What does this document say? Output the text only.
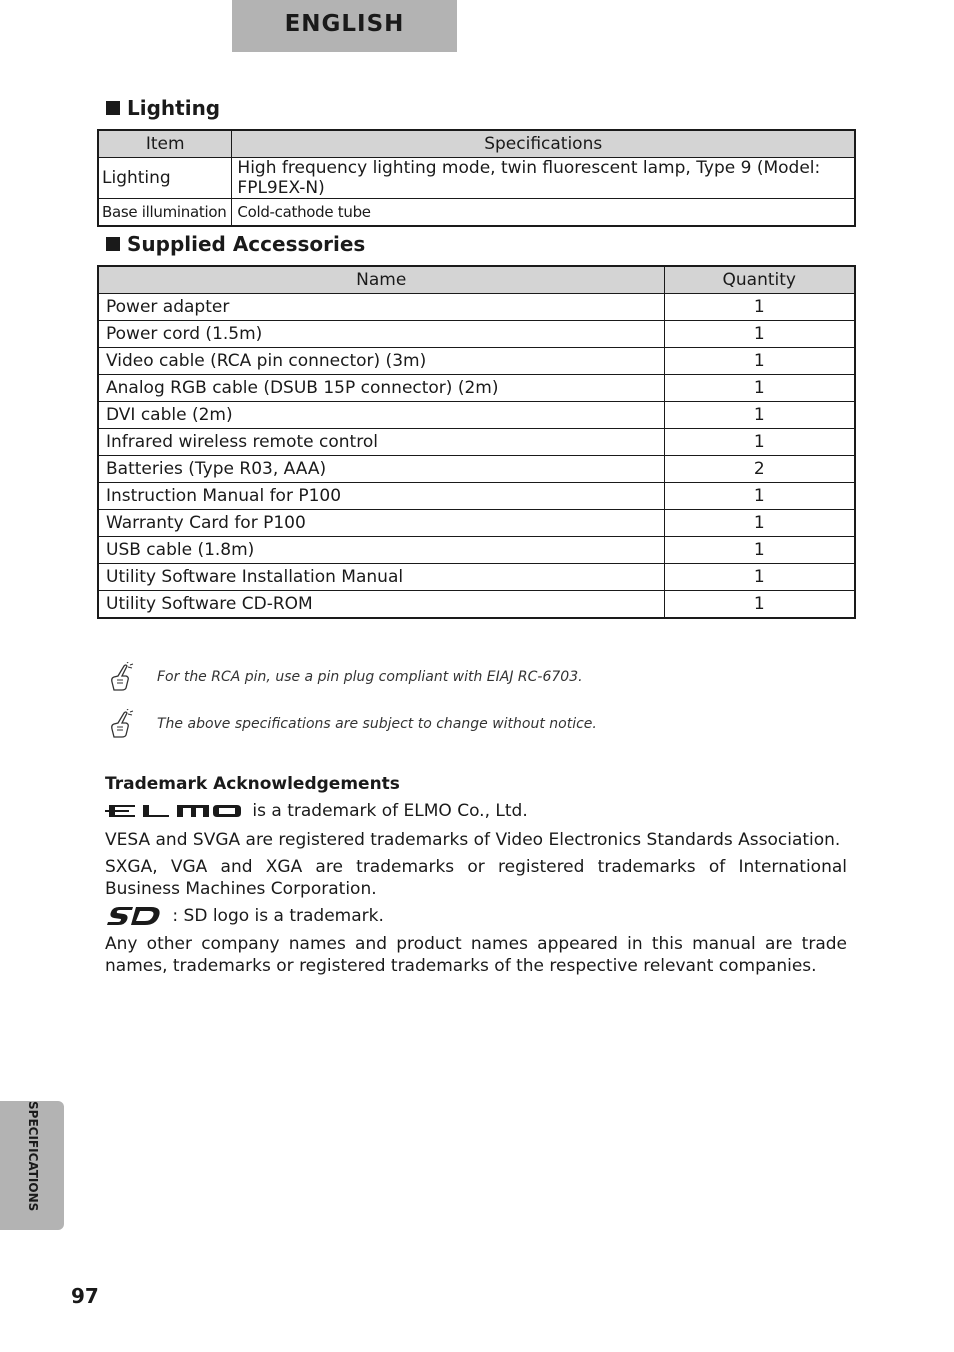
ENGLISH
Lighting
Item	Specifications
Lighting	High frequency lighting mode, twin fluorescent lamp, Type 9 (Model: FPL9EX-N)
Base illumination	Cold-cathode tube
Supplied Accessories
Name	Quantity
Power adapter	1
Power cord (1.5m)	1
Video cable (RCA pin connector) (3m)	1
Analog RGB cable (DSUB 15P connector) (2m)	1
DVI cable (2m)	1
Infrared wireless remote control	1
Batteries (Type R03, AAA)	2
Instruction Manual for P100	1
Warranty Card for P100	1
USB cable (1.8m)	1
Utility Software Installation Manual	1
Utility Software CD-ROM	1
For the RCA pin, use a pin plug compliant with EIAJ RC-6703.
The above specifications are subject to change without notice.
Trademark Acknowledgements
is a trademark of ELMO Co., Ltd.
VESA and SVGA are registered trademarks of Video Electronics Standards Association.
SXGA, VGA and XGA are trademarks or registered trademarks of International Business Machines Corporation.
: SD logo is a trademark.
Any other company names and product names appeared in this manual are trade names, trademarks or registered trademarks of the respective relevant companies.
SPECIFICATIONS
97
